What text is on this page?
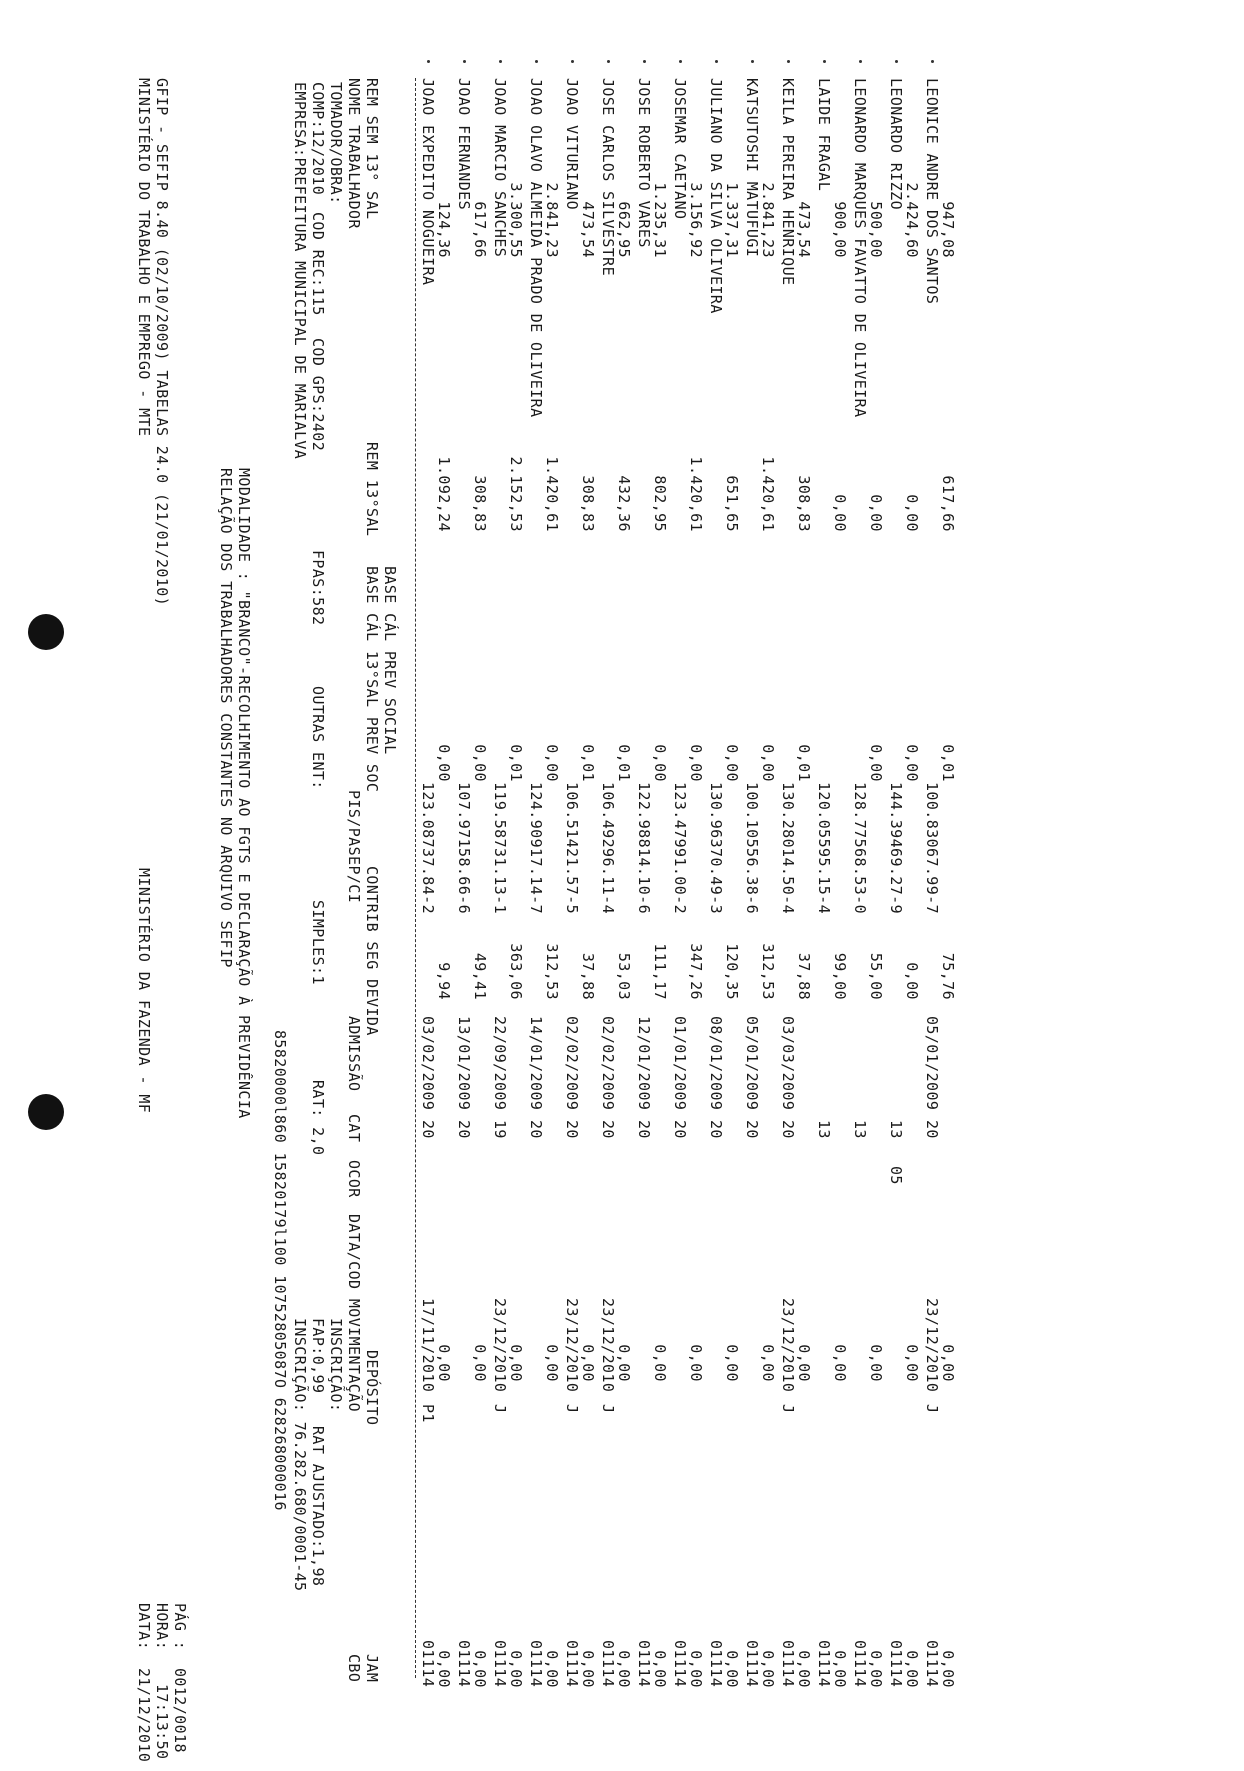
MINISTÉRIO DO TRABALHO E EMPREGO - MTE GFIP - SEFIP 8.40 (02/10/2009) TABELAS 24.0 (21/01/2010)
MINISTÉRIO DA FAZENDA - MF
DATA:
21/12/2010
HORA:
17:13:50
PÁG :
0012/0018
RELAÇÃO DOS TRABALHADORES CONSTANTES NO ARQUIVO SEFIP MODALIDADE : "BRANCO"-RECOLHIMENTO AO FGTS E DECLARAÇÃO À PREVIDÊNCIA
85820000l860 15820179l100 10752805087O 628268000016
EMPRESA:PREFEITURA MUNICIPAL DE MARIALVA
INSCRIÇÃO: 76.282.680/0001-45
COMP:12/2010
COD REC:115
COD GPS:2402
FPAS:582
OUTRAS ENT:
SIMPLES:1
RAT: 2,0
FAP:0,99
RAT AJUSTADO:1,98
TOMADOR/OBRA:
INSCRIÇÃO:
NOME TRABALHADOR
PIS/PASEP/CI
ADMISSÃO
CAT
OCOR
DATA/COD MOVIMENTAÇÃO
CBO
REM SEM 13° SAL
REM 13°SAL
BASE CÁL 13°SAL PREV SOC
CONTRIB SEG DEVIDA
DEPÓSITO
JAM
BASE CÁL PREV SOCIAL
JOAO EXPEDITO NOGUEIRA
123.08737.84-2
03/02/2009
20
17/11/2010
P1
01114
124,36
1.092,24
0,00
9,94
0,00
0,00
JOAO FERNANDES
107.97158.66-6
13/01/2009
20
01114
617,66
308,83
0,00
49,41
0,00
0,00
JOAO MARCIO SANCHES
119.58731.13-1
22/09/2009
19
23/12/2010
J
01114
3.300,55
2.152,53
0,01
363,06
0,00
0,00
JOAO OLAVO ALMEIDA PRADO DE OLIVEIRA
124.90917.14-7
14/01/2009
20
01114
2.841,23
1.420,61
0,00
312,53
0,00
0,00
JOAO VITURIANO
106.51421.57-5
02/02/2009
20
23/12/2010
J
01114
473,54
308,83
0,01
37,88
0,00
0,00
JOSE CARLOS SILVESTRE
106.49296.11-4
02/02/2009
20
23/12/2010
J
01114
662,95
432,36
0,01
53,03
0,00
0,00
JOSE ROBERTO VARES
122.98814.10-6
12/01/2009
20
01114
1.235,31
802,95
0,00
111,17
0,00
0,00
JOSEMAR CAETANO
123.47991.00-2
01/01/2009
20
01114
3.156,92
1.420,61
0,00
347,26
0,00
0,00
JULIANO DA SILVA OLIVEIRA
130.96370.49-3
08/01/2009
20
01114
1.337,31
651,65
0,00
120,35
0,00
0,00
KATSUTOSHI MATUFUGI
100.10556.38-6
05/01/2009
20
01114
2.841,23
1.420,61
0,00
312,53
0,00
0,00
KEILA PEREIRA HENRIQUE
130.28014.50-4
03/03/2009
20
23/12/2010
J
01114
473,54
308,83
0,01
37,88
0,00
0,00
LAIDE FRAGAL
120.05595.15-4
13
01114
900,00
0,00
99,00
0,00
0,00
LEONARDO MARQUES FAVATTO DE OLIVEIRA
128.77568.53-0
13
01114
500,00
0,00
0,00
55,00
0,00
0,00
LEONARDO RIZZO
144.39469.27-9
13
05
01114
2.424,60
0,00
0,00
0,00
0,00
0,00
LEONICE ANDRE DOS SANTOS
100.83067.99-7
05/01/2009
20
23/12/2010
J
01114
947,08
617,66
0,01
75,76
0,00
0,00
